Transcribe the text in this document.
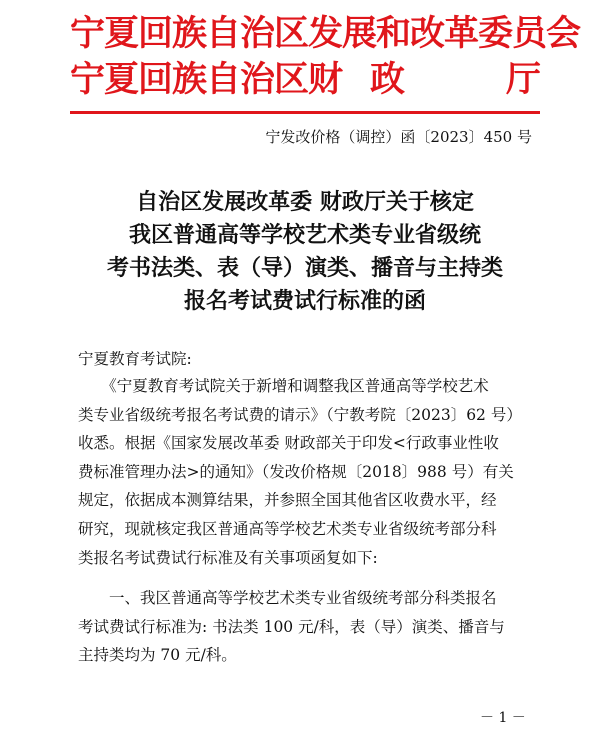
宁夏回族自治区发展和改革委员会
宁夏回族自治区财 政	厅
宁发改价格（调控）函〔2023〕450 号
自治区发展改革委 财政厅关于核定
我区普通高等学校艺术类专业省级统
考书法类、表（导）演类、播音与主持类
报名考试费试行标准的函
宁夏教育考试院:
　　《宁夏教育考试院关于新增和调整我区普通高等学校艺术
类专业省级统考报名考试费的请示》（宁教考院〔2023〕62 号）
收悉。根据《国家发展改革委 财政部关于印发<行政事业性收
费标准管理办法>的通知》（发改价格规〔2018〕988 号）有关
规定，依据成本测算结果，并参照全国其他省区收费水平，经
研究，现就核定我区普通高等学校艺术类专业省级统考部分科
类报名考试费试行标准及有关事项函复如下:
　　一、我区普通高等学校艺术类专业省级统考部分科类报名
考试费试行标准为: 书法类 100 元/科，表（导）演类、播音与
主持类均为 70 元/科。
－ 1 －
